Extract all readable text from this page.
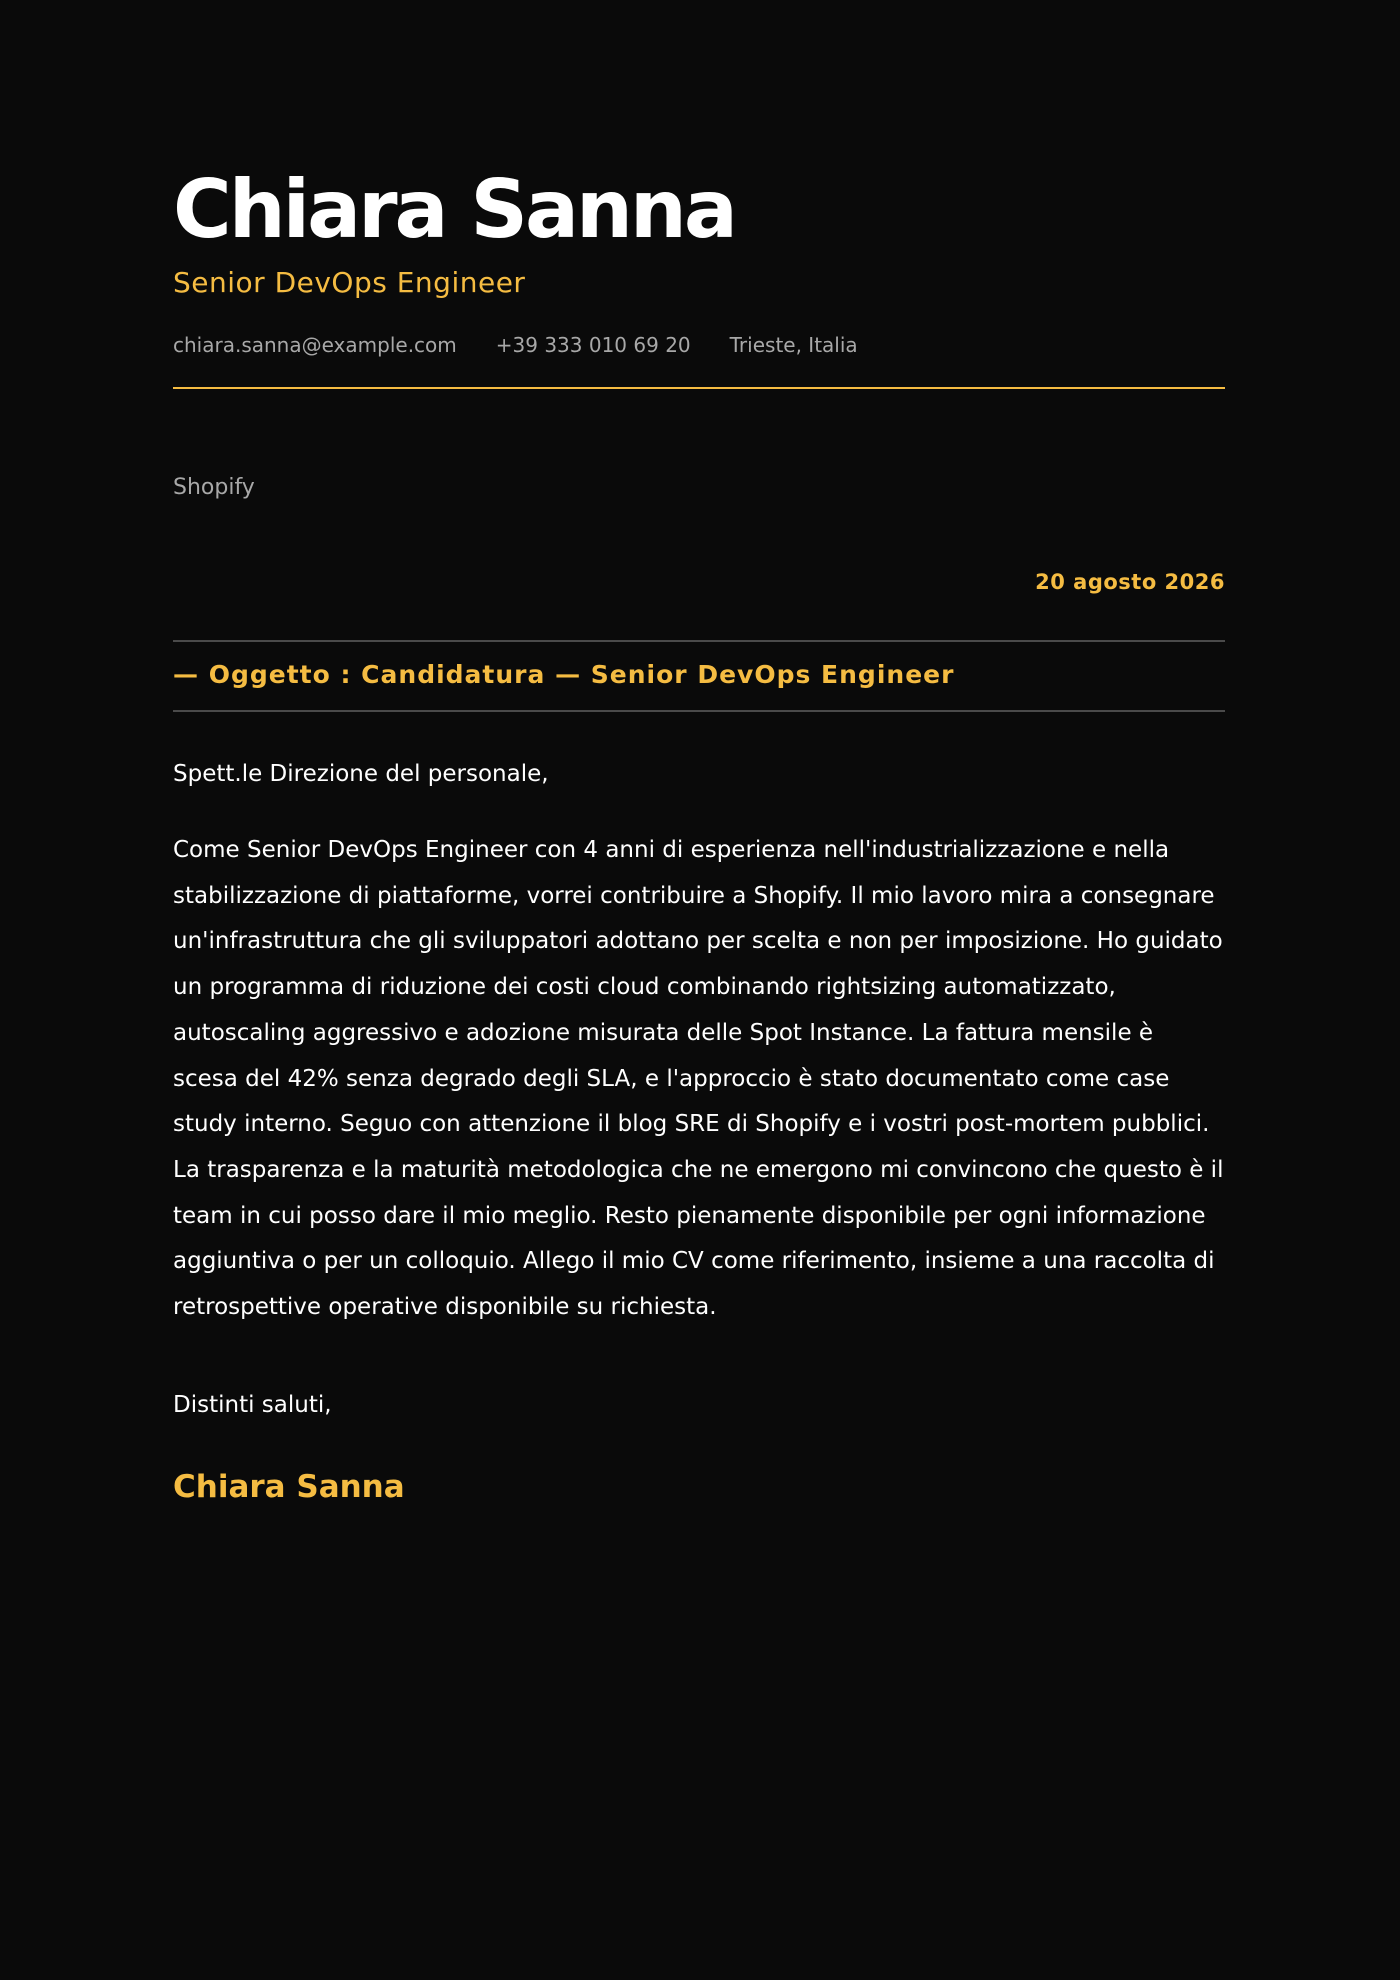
Chiara Sanna
Senior DevOps Engineer
chiara.sanna@example.com +39 333 010 69 20 Trieste, Italia
Shopify
20 agosto 2026
— Oggetto : Candidatura — Senior DevOps Engineer
Spett.le Direzione del personale,

Come Senior DevOps Engineer con 4 anni di esperienza nell'industrializzazione e nella stabilizzazione di piattaforme, vorrei contribuire a Shopify. Il mio lavoro mira a consegnare un'infrastruttura che gli sviluppatori adottano per scelta e non per imposizione. Ho guidato un programma di riduzione dei costi cloud combinando rightsizing automatizzato, autoscaling aggressivo e adozione misurata delle Spot Instance. La fattura mensile è scesa del 42% senza degrado degli SLA, e l'approccio è stato documentato come case study interno. Seguo con attenzione il blog SRE di Shopify e i vostri post-mortem pubblici. La trasparenza e la maturità metodologica che ne emergono mi convincono che questo è il team in cui posso dare il mio meglio. Resto pienamente disponibile per ogni informazione aggiuntiva o per un colloquio. Allego il mio CV come riferimento, insieme a una raccolta di retrospettive operative disponibile su richiesta.

Distinti saluti,
Chiara Sanna
